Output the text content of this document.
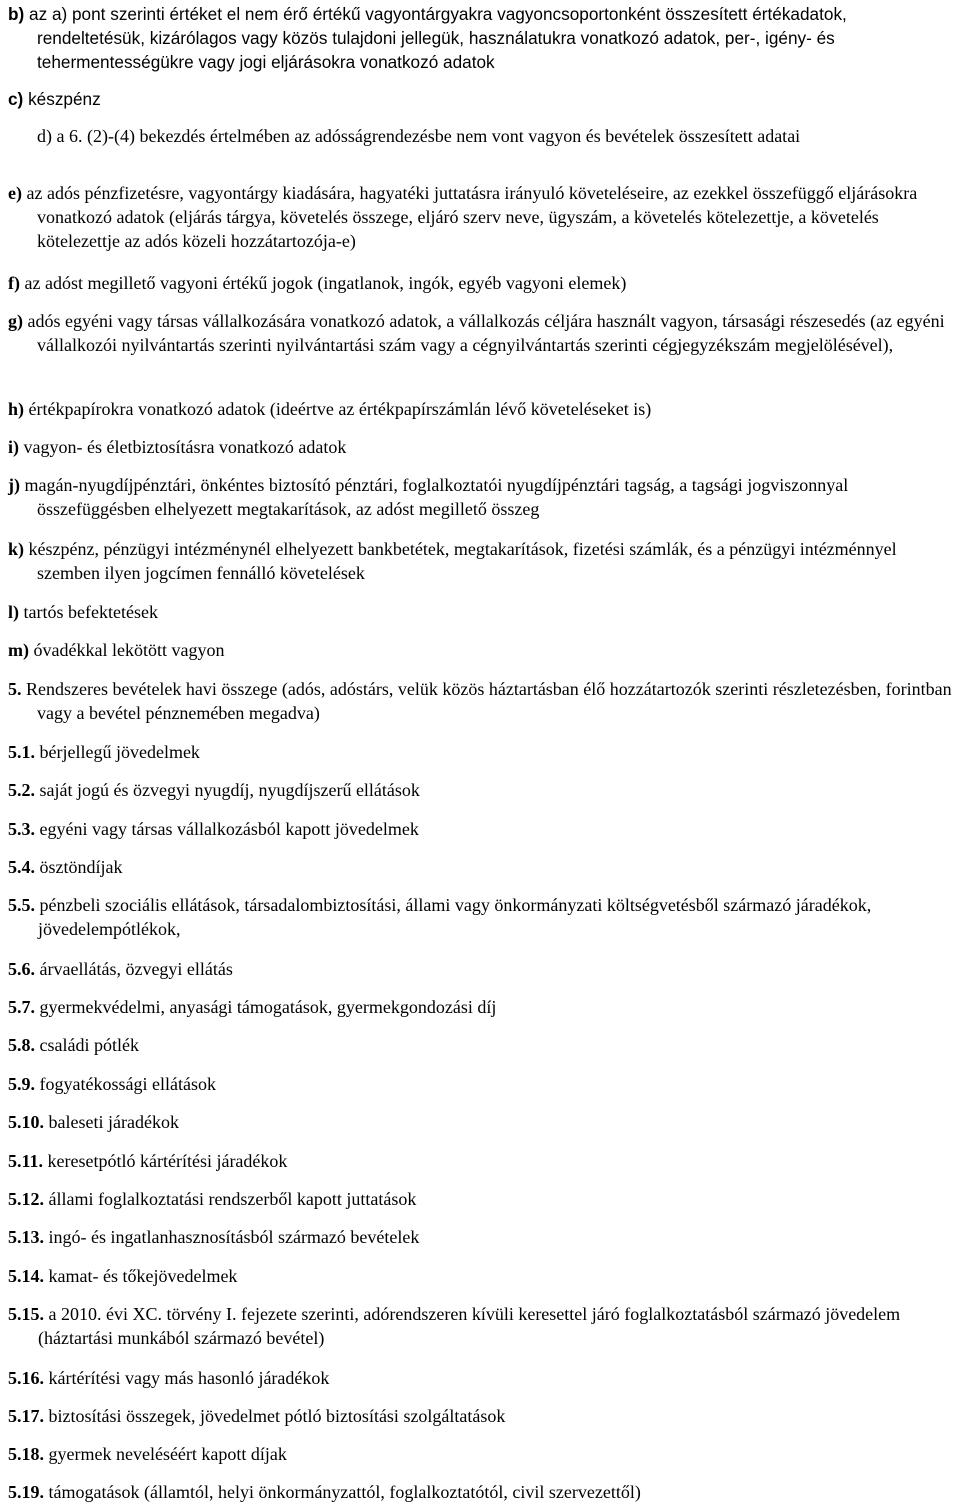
b) az a) pont szerinti értéket el nem érő értékű vagyontárgyakra vagyoncsoportonként összesített értékadatok, rendeltetésük, kizárólagos vagy közös tulajdoni jellegük, használatukra vonatkozó adatok, per-, igény- és tehermentességükre vagy jogi eljárásokra vonatkozó adatok
c) készpénz
d) a 6. (2)-(4) bekezdés értelmében az adósságrendezésbe nem vont vagyon és bevételek összesített adatai
e) az adós pénzfizetésre, vagyontárgy kiadására, hagyatéki juttatásra irányuló követeléseire, az ezekkel összefüggő eljárásokra vonatkozó adatok (eljárás tárgya, követelés összege, eljáró szerv neve, ügyszám, a követelés kötelezettje, a követelés kötelezettje az adós közeli hozzátartozója-e)
f) az adóst megillető vagyoni értékű jogok (ingatlanok, ingók, egyéb vagyoni elemek)
g) adós egyéni vagy társas vállalkozására vonatkozó adatok, a vállalkozás céljára használt vagyon, társasági részesedés (az egyéni vállalkozói nyilvántartás szerinti nyilvántartási szám vagy a cégnyilvántartás szerinti cégjegyzékszám megjelölésével),
h) értékpapírokra vonatkozó adatok (ideértve az értékpapírszámlán lévő követeléseket is)
i) vagyon- és életbiztosításra vonatkozó adatok
j) magán-nyugdíjpénztári, önkéntes biztosító pénztári, foglalkoztatói nyugdíjpénztári tagság, a tagsági jogviszonnyal összefüggésben elhelyezett megtakarítások, az adóst megillető összeg
k) készpénz, pénzügyi intézménynél elhelyezett bankbetétek, megtakarítások, fizetési számlák, és a pénzügyi intézménnyel szemben ilyen jogcímen fennálló követelések
l) tartós befektetések
m) óvadékkal lekötött vagyon
5. Rendszeres bevételek havi összege (adós, adóstárs, velük közös háztartásban élő hozzátartozók szerinti részletezésben, forintban vagy a bevétel pénznemében megadva)
5.1. bérjellegű jövedelmek
5.2. saját jogú és özvegyi nyugdíj, nyugdíjszerű ellátások
5.3. egyéni vagy társas vállalkozásból kapott jövedelmek
5.4. ösztöndíjak
5.5. pénzbeli szociális ellátások, társadalombiztosítási, állami vagy önkormányzati költségvetésből származó járadékok, jövedelempótlékok,
5.6. árvaellátás, özvegyi ellátás
5.7. gyermekvédelmi, anyasági támogatások, gyermekgondozási díj
5.8. családi pótlék
5.9. fogyatékossági ellátások
5.10. baleseti járadékok
5.11. keresetpótló kártérítési járadékok
5.12. állami foglalkoztatási rendszerből kapott juttatások
5.13. ingó- és ingatlanhasznosításból származó bevételek
5.14. kamat- és tőkejövedelmek
5.15. a 2010. évi XC. törvény I. fejezete szerinti, adórendszeren kívüli keresettel járó foglalkoztatásból származó jövedelem (háztartási munkából származó bevétel)
5.16. kártérítési vagy más hasonló járadékok
5.17. biztosítási összegek, jövedelmet pótló biztosítási szolgáltatások
5.18. gyermek neveléséért kapott díjak
5.19. támogatások (államtól, helyi önkormányzattól, foglalkoztatótól, civil szervezettől)
